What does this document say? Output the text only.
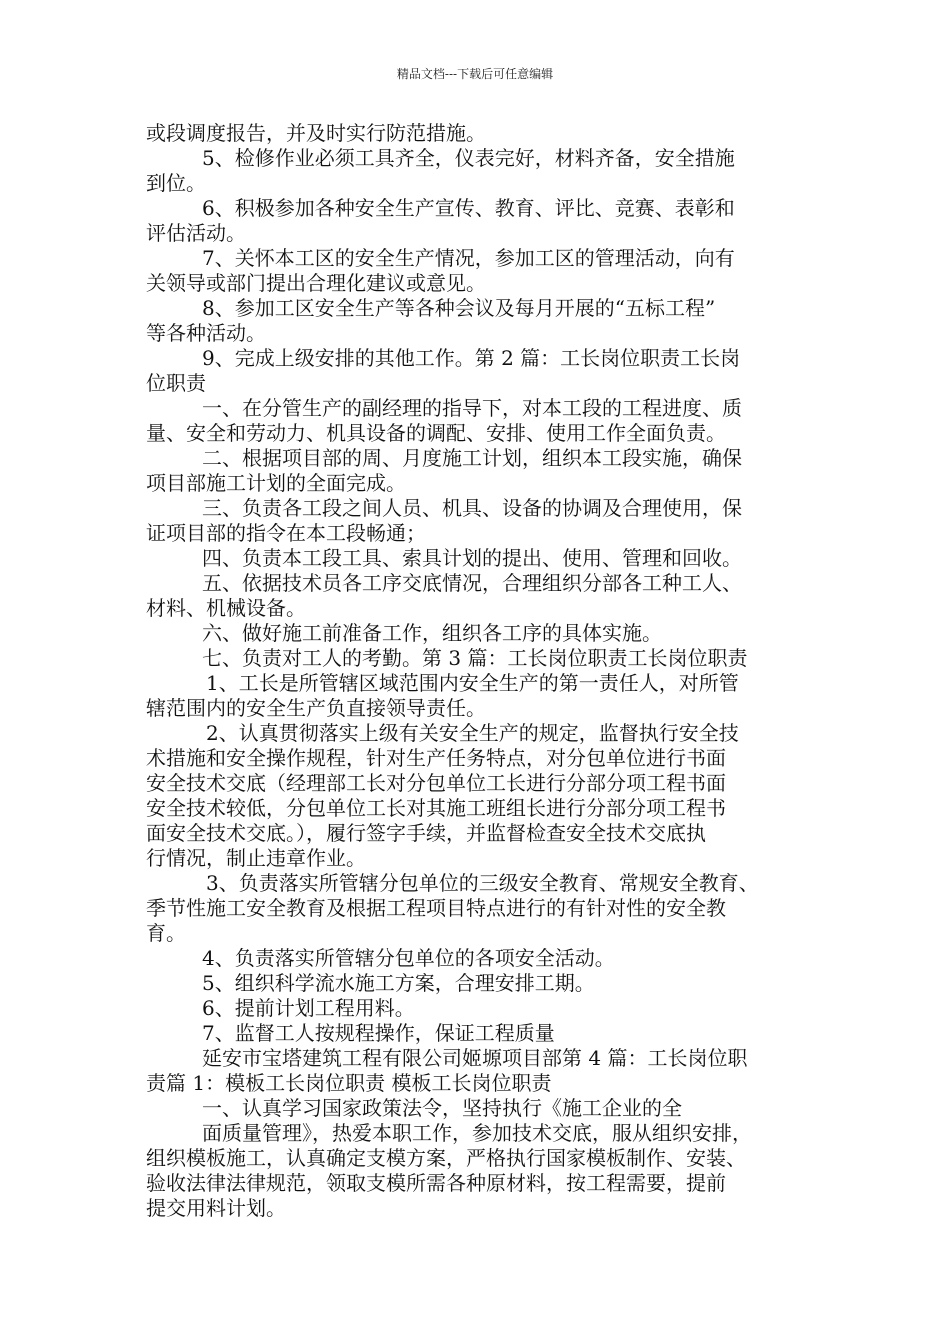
精品文档---下载后可任意编辑

或段调度报告，并及时实行防范措施。

5、检修作业必须工具齐全，仪表完好，材料齐备，安全措施

到位。

6、积极参加各种安全生产宣传、教育、评比、竞赛、表彰和

评估活动。

7、关怀本工区的安全生产情况，参加工区的管理活动，向有

关领导或部门提出合理化建议或意见。

8、参加工区安全生产等各种会议及每月开展的“五标工程”

等各种活动。

9、完成上级安排的其他工作。第 2 篇：工长岗位职责工长岗

位职责

一、在分管生产的副经理的指导下，对本工段的工程进度、质

量、安全和劳动力、机具设备的调配、安排、使用工作全面负责。

二、根据项目部的周、月度施工计划，组织本工段实施，确保

项目部施工计划的全面完成。

三、负责各工段之间人员、机具、设备的协调及合理使用，保

证项目部的指令在本工段畅通；

四、负责本工段工具、索具计划的提出、使用、管理和回收。

五、依据技术员各工序交底情况，合理组织分部各工种工人、

材料、机械设备。

六、做好施工前准备工作，组织各工序的具体实施。

七、负责对工人的考勤。第 3 篇：工长岗位职责工长岗位职责

1、工长是所管辖区域范围内安全生产的第一责任人，对所管

辖范围内的安全生产负直接领导责任。

2、认真贯彻落实上级有关安全生产的规定，监督执行安全技

术措施和安全操作规程，针对生产任务特点，对分包单位进行书面

安全技术交底（经理部工长对分包单位工长进行分部分项工程书面

安全技术较低，分包单位工长对其施工班组长进行分部分项工程书

面安全技术交底。），履行签字手续，并监督检查安全技术交底执

行情况，制止违章作业。

3、负责落实所管辖分包单位的三级安全教育、常规安全教育、

季节性施工安全教育及根据工程项目特点进行的有针对性的安全教

育。

4、负责落实所管辖分包单位的各项安全活动。

5、组织科学流水施工方案，合理安排工期。

6、提前计划工程用料。

7、监督工人按规程操作，保证工程质量

延安市宝塔建筑工程有限公司姬塬项目部第 4 篇：工长岗位职

责篇 1：模板工长岗位职责 模板工长岗位职责

一、认真学习国家政策法令，坚持执行《施工企业的全

面质量管理》，热爱本职工作，参加技术交底，服从组织安排，

组织模板施工，认真确定支模方案，严格执行国家模板制作、安装、

验收法律法律规范，领取支模所需各种原材料，按工程需要，提前

提交用料计划。
